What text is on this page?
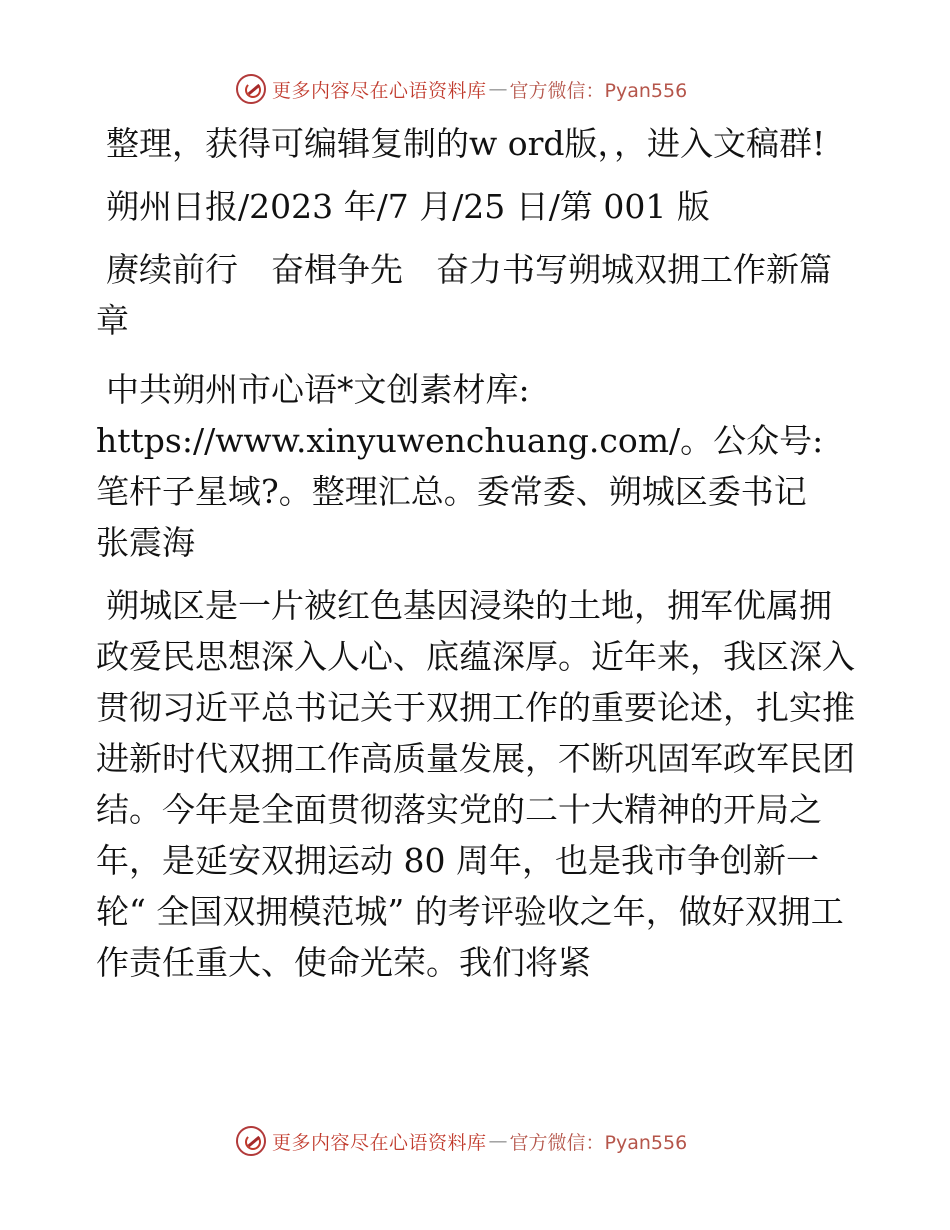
更多内容尽在心语资料库 — 官方微信：Pyan556

整理，获得可编辑复制的w ord版，，进入文稿群!

朔州日报/2023 年/7 月/25 日/第 001 版

赓续前行　奋楫争先　奋力书写朔城双拥工作新篇章

中共朔州市心语*文创素材库: https://www.xinyuwenchuang.com/。公众号: 笔杆子星域?。整理汇总。委常委、朔城区委书记　张震海

朔城区是一片被红色基因浸染的土地，拥军优属拥政爱民思想深入人心、底蕴深厚。近年来，我区深入贯彻习近平总书记关于双拥工作的重要论述，扎实推进新时代双拥工作高质量发展，不断巩固军政军民团结。今年是全面贯彻落实党的二十大精神的开局之年，是延安双拥运动 80 周年，也是我市争创新一轮“ 全国双拥模范城” 的考评验收之年，做好双拥工作责任重大、使命光荣。我们将紧

更多内容尽在心语资料库 — 官方微信：Pyan556
